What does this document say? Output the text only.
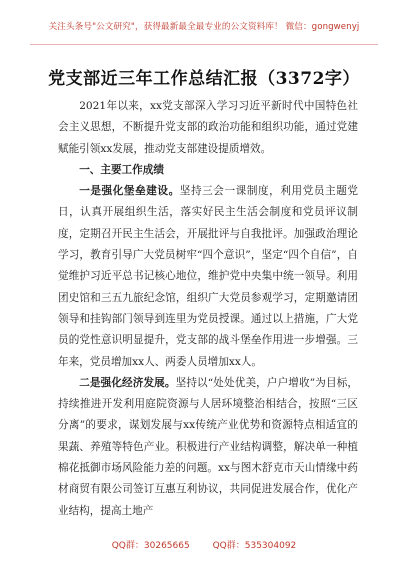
关注头条号"公文研究"，获得最新最全最专业的公文资料库！ 微信：gongwenyj
党支部近三年工作总结汇报（3372字）

2021年以来，xx党支部深入学习习近平新时代中国特色社会主义思想，不断提升党支部的政治功能和组织功能，通过党建赋能引领xx发展，推动党支部建设提质增效。

一、主要工作成绩

一是强化堡垒建设。坚持三会一课制度，利用党员主题党日，认真开展组织生活，落实好民主生活会制度和党员评议制度，定期召开民主生活会，开展批评与自我批评。加强政治理论学习，教育引导广大党员树牢“四个意识”，坚定“四个自信”，自觉维护习近平总书记核心地位，维护党中央集中统一领导。利用团史馆和三五九旅纪念馆，组织广大党员参观学习，定期邀请团领导和挂钩部门领导到连里为党员授课。通过以上措施，广大党员的党性意识明显提升，党支部的战斗堡垒作用进一步增强。三年来，党员增加xx人、两委人员增加xx人。

二是强化经济发展。坚持以“处处优美，户户增收”为目标，持续推进开发利用庭院资源与人居环境整治相结合，按照“三区分离”的要求，谋划发展与xx传统产业优势和资源特点相适宜的果蔬、养殖等特色产业。积极进行产业结构调整，解决单一种植棉花抵御市场风险能力差的问题。xx与图木舒克市天山情缘中药材商贸有限公司签订互惠互利协议，共同促进发展合作，优化产业结构，提高土地产

QQ群：30265665	QQ群：535304092
